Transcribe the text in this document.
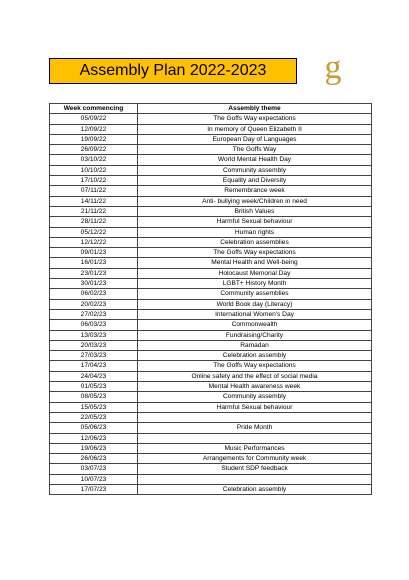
Assembly Plan 2022-2023	g
Week commencing	Assembly theme
05/09/22	The Goffs Way expectations
12/09/22	In memory of Queen Elizabeth II
19/09/22	European Day of Languages
26/09/22	The Goffs Way
03/10/22	World Mental Health Day
10/10/22	Community assembly
17/10/22	Equality and Diversity
07/11/22	Remembrance week
14/11/22	Anti- bullying week/Children in need
21/11/22	British Values
28/11/22	Harmful Sexual behaviour
05/12/22	Human rights
12/12/22	Celebration assemblies
09/01/23	The Goffs Way expectations
16/01/23	Mental Health and Well-being
23/01/23	Holocaust Memorial Day
30/01/23	LGBT+ History Month
06/02/23	Community assemblies
20/02/23	World Book day (Literacy)
27/02/23	International Women's Day
06/03/23	Commonwealth
13/03/23	Fundraising/Charity
20/03/23	Ramadan
27/03/23	Celebration assembly
17/04/23	The Goffs Way expectations
24/04/23	Online safety and the effect of social media
01/05/23	Mental Health awareness week
08/05/23	Community assembly
15/05/23	Harmful Sexual behaviour
22/05/23	
05/06/23	Pride Month
12/06/23	
19/06/23	Music Performances
26/06/23	Arrangements for Community week
03/07/23	Student SDP feedback
10/07/23	
17/07/23	Celebration assembly
